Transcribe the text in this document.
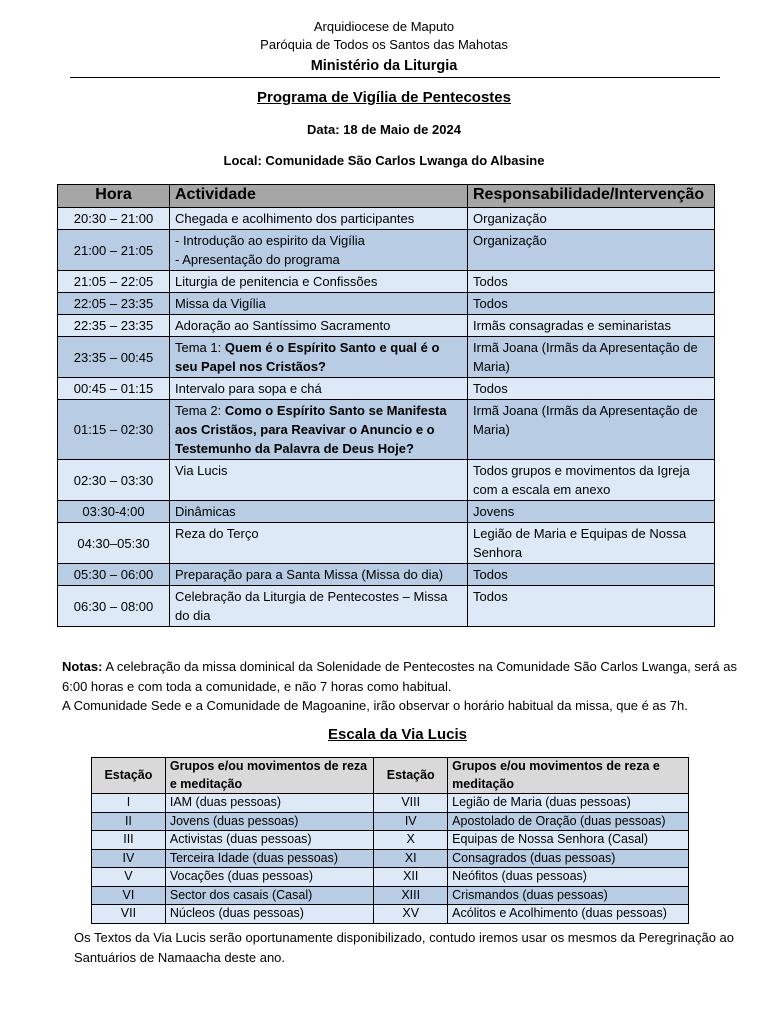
Arquidiocese de Maputo
Paróquia de Todos os Santos das Mahotas
Ministério da Liturgia
Programa de Vigília de Pentecostes
Data: 18 de Maio de 2024
Local: Comunidade São Carlos Lwanga do Albasine
Hora	Actividade	Responsabilidade/Intervenção
20:30 – 21:00	Chegada e acolhimento dos participantes	Organização
21:00 – 21:05	- Introdução ao espirito da Vigília
- Apresentação do programa	Organização
21:05 – 22:05	Liturgia de penitencia e Confissões	Todos
22:05 – 23:35	Missa da Vigília	Todos
22:35 – 23:35	Adoração ao Santíssimo Sacramento	Irmãs consagradas e seminaristas
23:35 – 00:45	Tema 1: Quem é o Espírito Santo e qual é o seu Papel nos Cristãos?	Irmã Joana (Irmãs da Apresentação de Maria)
00:45 – 01:15	Intervalo para sopa e chá	Todos
01:15 – 02:30	Tema 2: Como o Espírito Santo se Manifesta aos Cristãos, para Reavivar o Anuncio e o Testemunho da Palavra de Deus Hoje?	Irmã Joana (Irmãs da Apresentação de Maria)
02:30 – 03:30	Via Lucis	Todos grupos e movimentos da Igreja com a escala em anexo
03:30-4:00	Dinâmicas	Jovens
04:30–05:30	Reza do Terço	Legião de Maria e Equipas de Nossa Senhora
05:30 – 06:00	Preparação para a Santa Missa (Missa do dia)	Todos
06:30 – 08:00	Celebração da Liturgia de Pentecostes – Missa do dia	Todos
Notas: A celebração da missa dominical da Solenidade de Pentecostes na Comunidade São Carlos Lwanga, será as 6:00 horas e com toda a comunidade, e não 7 horas como habitual.
A Comunidade Sede e a Comunidade de Magoanine, irão observar o horário habitual da missa, que é as 7h.
Escala da Via Lucis
Estação	Grupos e/ou movimentos de reza e meditação	Estação	Grupos e/ou movimentos de reza e meditação
I	IAM (duas pessoas)	VIII	Legião de Maria (duas pessoas)
II	Jovens (duas pessoas)	IV	Apostolado de Oração (duas pessoas)
III	Activistas (duas pessoas)	X	Equipas de Nossa Senhora (Casal)
IV	Terceira Idade (duas pessoas)	XI	Consagrados (duas pessoas)
V	Vocações (duas pessoas)	XII	Neófitos (duas pessoas)
VI	Sector dos casais (Casal)	XIII	Crismandos (duas pessoas)
VII	Núcleos (duas pessoas)	XV	Acólitos e Acolhimento (duas pessoas)
Os Textos da Via Lucis serão oportunamente disponibilizado, contudo iremos usar os mesmos da Peregrinação ao Santuários de Namaacha deste ano.
